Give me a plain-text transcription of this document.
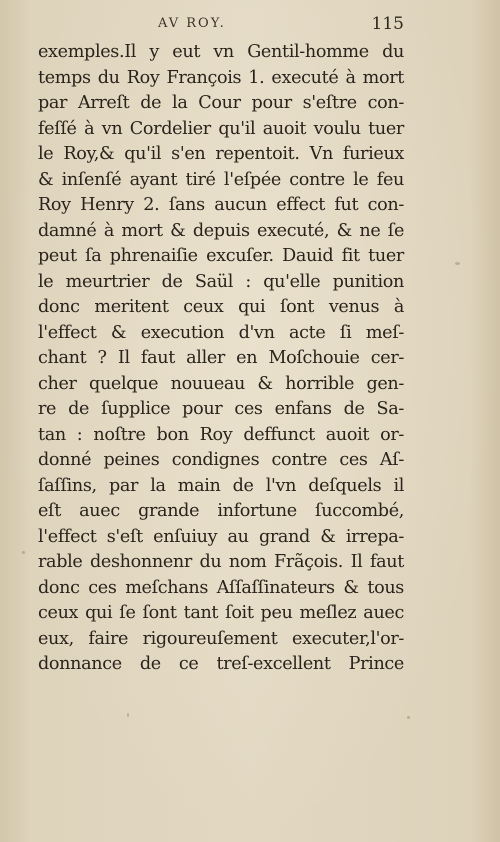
AV ROY.	115
exemples.Il y eut vn Gentil-homme du
temps du Roy François 1. executé à mort
par Arreſt de la Cour pour s'eſtre con-
feſſé à vn Cordelier qu'il auoit voulu tuer
le Roy,& qu'il s'en repentoit. Vn furieux
& inſenſé ayant tiré l'eſpée contre le feu
Roy Henry 2. ſans aucun effect fut con-
damné à mort & depuis executé, & ne ſe
peut ſa phrenaiſie excuſer. Dauid fit tuer
le meurtrier de Saül : qu'elle punition
donc meritent ceux qui ſont venus à
l'effect & execution d'vn acte ſi meſ-
chant ? Il faut aller en Moſchouie cer-
cher quelque nouueau & horrible gen-
re de ſupplice pour ces enfans de Sa-
tan : noſtre bon Roy deffunct auoit or-
donné peines condignes contre ces Aſ-
ſaſſins, par la main de l'vn deſquels il
eſt auec grande infortune ſuccombé,
l'effect s'eſt enſuiuy au grand & irrepa-
rable deshonnenr du nom Frãçois. Il faut
donc ces meſchans Aſſaſſinateurs & tous
ceux qui ſe ſont tant ſoit peu meſlez auec
eux, faire rigoureuſement executer,l'or-
donnance de ce treſ-excellent Prince
